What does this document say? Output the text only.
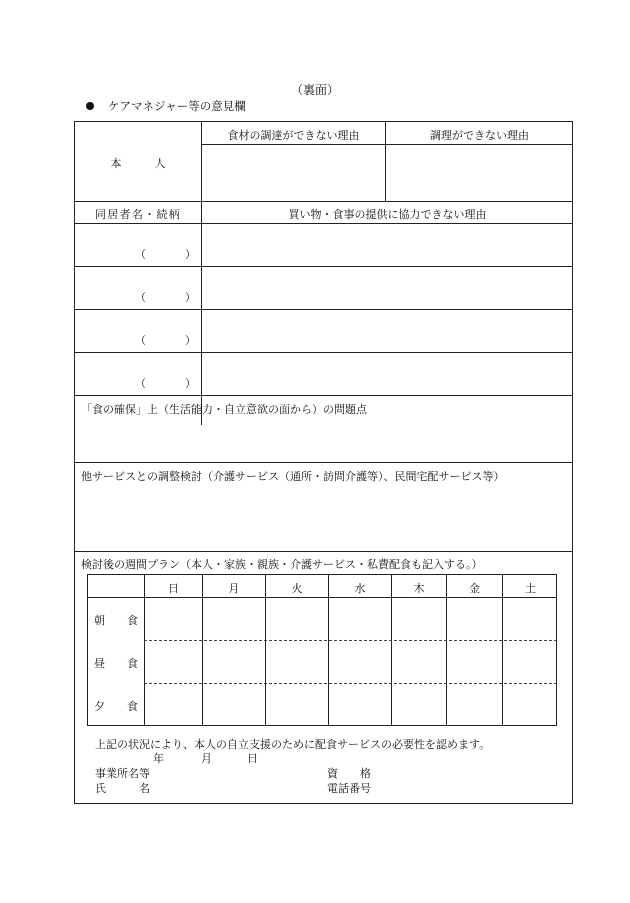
（裏面）
ケアマネジャー等の意見欄
食材の調達ができない理由	調理ができない理由
本　　　人
同居者名・続柄	買い物・食事の提供に協力できない理由
（	）
（	）
（	）
（	）
「食の確保」上（生活能力・自立意欲の面から）の問題点
他サービスとの調整検討（介護サービス（通所・訪問介護等）、民間宅配サービス等）
検討後の週間プラン（本人・家族・親族・介護サービス・私費配食も記入する。）
日	月	火	水	木	金	土
朝　　食
昼　　食
夕　　食
上記の状況により、本人の自立支援のために配食サービスの必要性を認めます。
年	月	日
事業所名等	資　　格
氏　　　名	電話番号
